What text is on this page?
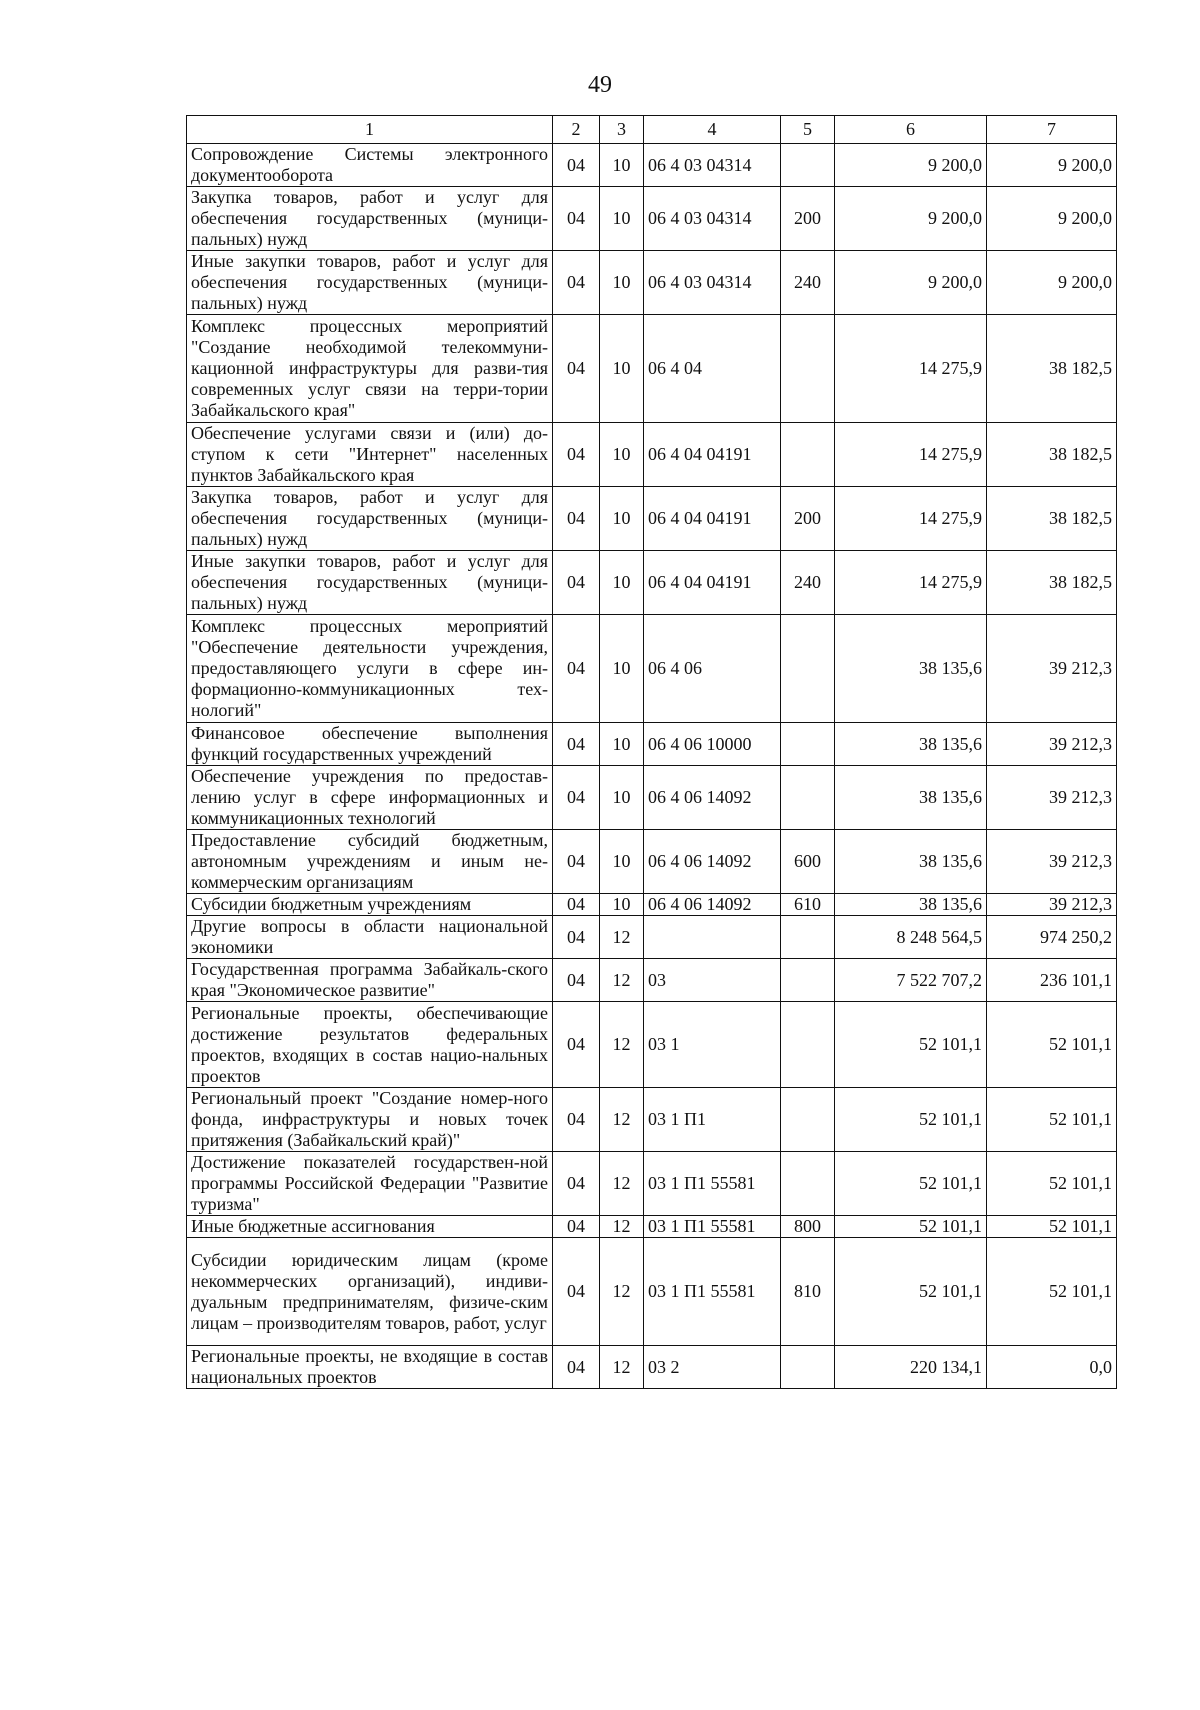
49
1	2	3	4	5	6	7
Сопровождение Системы электронного документооборота	04	10	06 4 03 04314		9 200,0	9 200,0
Закупка товаров, работ и услуг для обеспечения государственных (муници-пальных) нужд	04	10	06 4 03 04314	200	9 200,0	9 200,0
Иные закупки товаров, работ и услуг для обеспечения государственных (муници-пальных) нужд	04	10	06 4 03 04314	240	9 200,0	9 200,0
Комплекс процессных мероприятий "Создание необходимой телекоммуни-кационной инфраструктуры для разви-тия современных услуг связи на терри-тории Забайкальского края"	04	10	06 4 04		14 275,9	38 182,5
Обеспечение услугами связи и (или) до-ступом к сети "Интернет" населенных пунктов Забайкальского края	04	10	06 4 04 04191		14 275,9	38 182,5
Закупка товаров, работ и услуг для обеспечения государственных (муници-пальных) нужд	04	10	06 4 04 04191	200	14 275,9	38 182,5
Иные закупки товаров, работ и услуг для обеспечения государственных (муници-пальных) нужд	04	10	06 4 04 04191	240	14 275,9	38 182,5
Комплекс процессных мероприятий "Обеспечение деятельности учреждения, предоставляющего услуги в сфере ин-формационно-коммуникационных тех-нологий"	04	10	06 4 06		38 135,6	39 212,3
Финансовое обеспечение выполнения функций государственных учреждений	04	10	06 4 06 10000		38 135,6	39 212,3
Обеспечение учреждения по предостав-лению услуг в сфере информационных и коммуникационных технологий	04	10	06 4 06 14092		38 135,6	39 212,3
Предоставление субсидий бюджетным, автономным учреждениям и иным не-коммерческим организациям	04	10	06 4 06 14092	600	38 135,6	39 212,3
Субсидии бюджетным учреждениям	04	10	06 4 06 14092	610	38 135,6	39 212,3
Другие вопросы в области национальной экономики	04	12			8 248 564,5	974 250,2
Государственная программа Забайкаль-ского края "Экономическое развитие"	04	12	03		7 522 707,2	236 101,1
Региональные проекты, обеспечивающие достижение результатов федеральных проектов, входящих в состав нацио-нальных проектов	04	12	03 1		52 101,1	52 101,1
Региональный проект "Создание номер-ного фонда, инфраструктуры и новых точек притяжения (Забайкальский край)"	04	12	03 1 П1		52 101,1	52 101,1
Достижение показателей государствен-ной программы Российской Федерации "Развитие туризма"	04	12	03 1 П1 55581		52 101,1	52 101,1
Иные бюджетные ассигнования	04	12	03 1 П1 55581	800	52 101,1	52 101,1
Субсидии юридическим лицам (кроме некоммерческих организаций), индиви-дуальным предпринимателям, физиче-ским лицам – производителям товаров, работ, услуг	04	12	03 1 П1 55581	810	52 101,1	52 101,1
Региональные проекты, не входящие в состав национальных проектов	04	12	03 2		220 134,1	0,0
